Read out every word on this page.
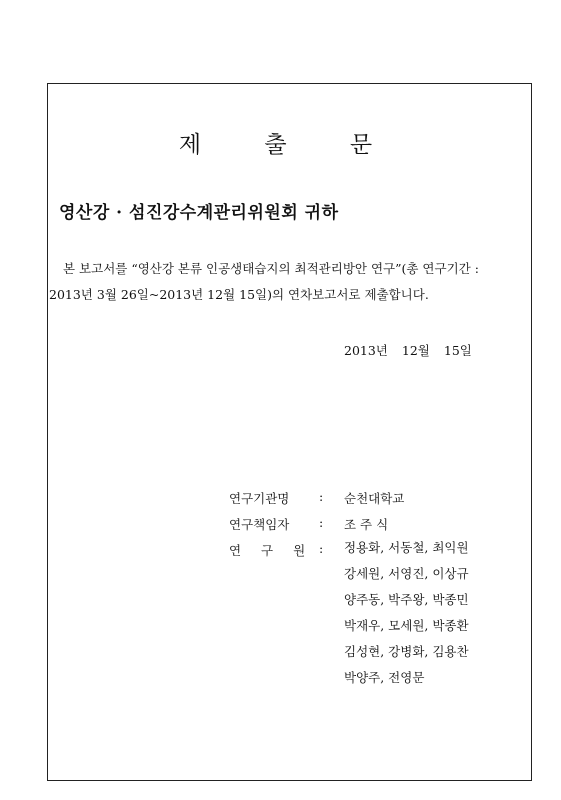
제 출 문
영산강 · 섬진강수계관리위원회 귀하
본 보고서를 “영산강 본류 인공생태습지의 최적관리방안 연구”(총 연구기간 :
2013년 3월 26일~2013년 12월 15일)의 연차보고서로 제출합니다.
2013년 12월 15일
연구기관명	:	순천대학교
연구책임자	:	조 주 식
연 구 원 :	정용화, 서동철, 최익원
강세원, 서영진, 이상규
양주동, 박주왕, 박종민
박재우, 모세원, 박종환
김성현, 강병화, 김용찬
박양주, 전영문
